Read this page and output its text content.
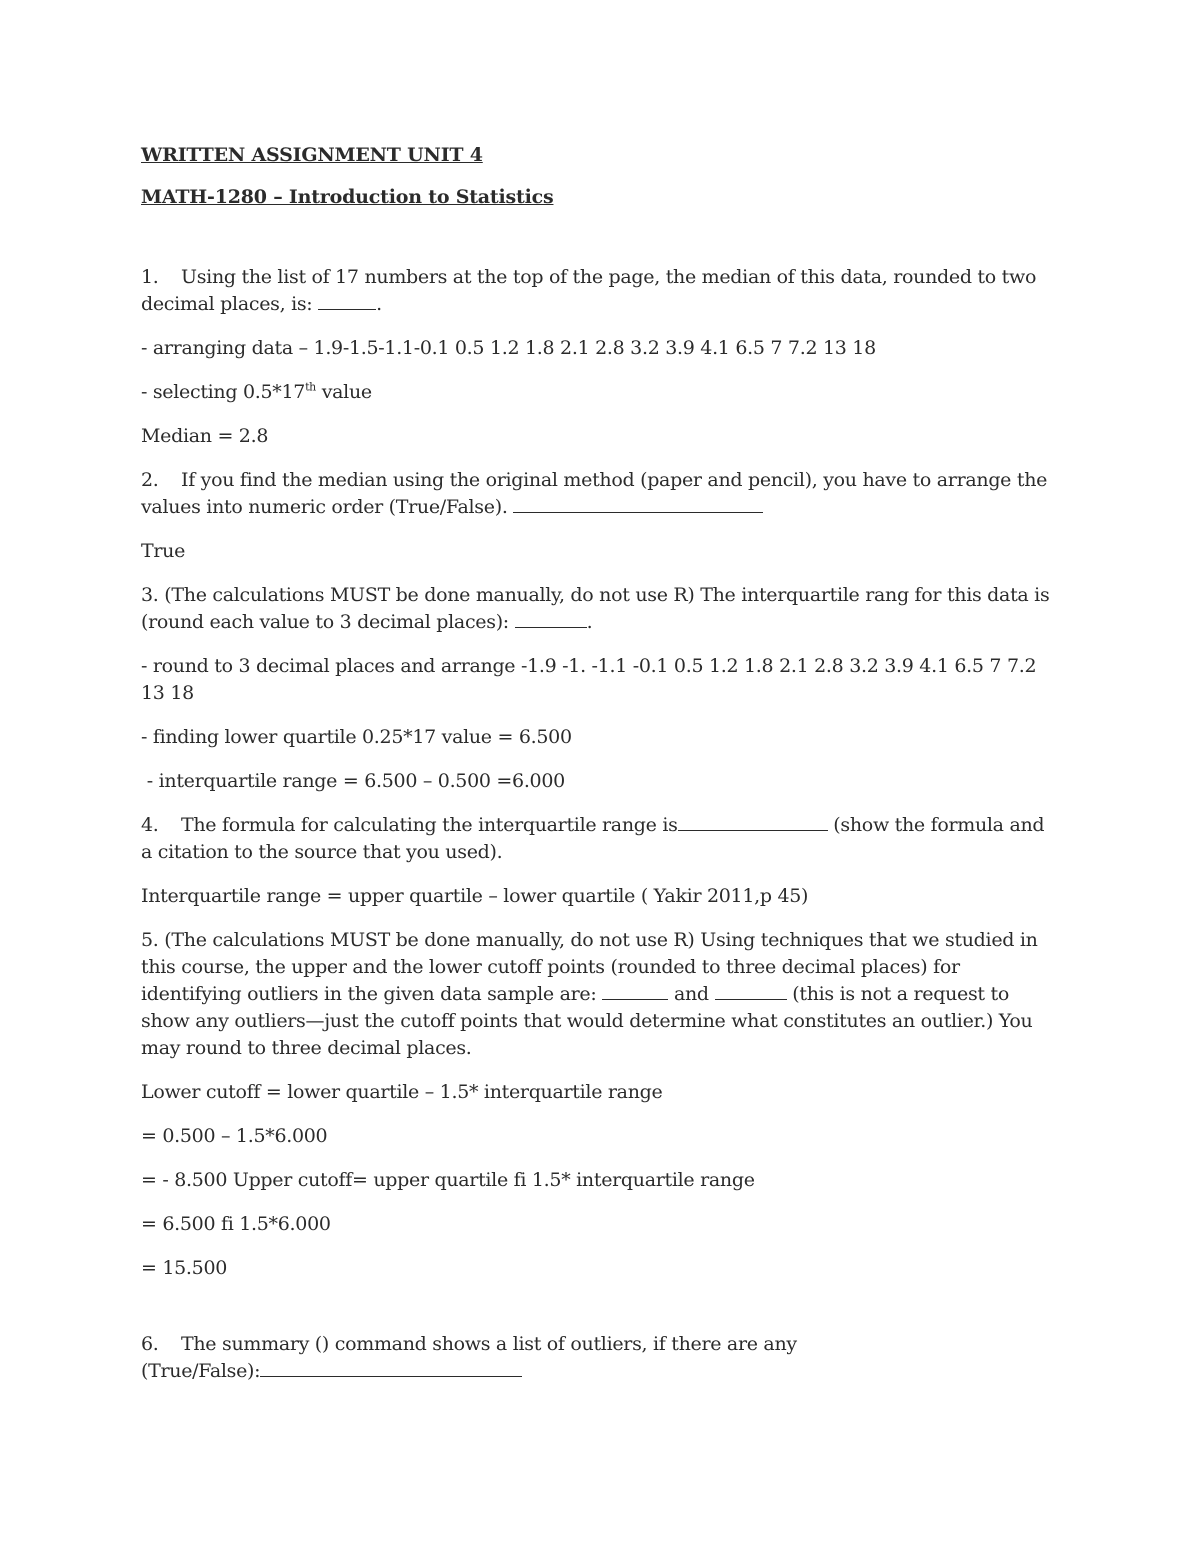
WRITTEN ASSIGNMENT UNIT 4
MATH-1280 – Introduction to Statistics

1. Using the list of 17 numbers at the top of the page, the median of this data, rounded to two decimal places, is:	.

- arranging data – 1.9-1.5-1.1-0.1 0.5 1.2 1.8 2.1 2.8 3.2 3.9 4.1 6.5 7 7.2 13 18

- selecting 0.5*17th value

Median = 2.8

2. If you find the median using the original method (paper and pencil), you have to arrange the values into numeric order (True/False).

True

3. (The calculations MUST be done manually, do not use R) The interquartile rang for this data is (round each value to 3 decimal places):	.

- round to 3 decimal places and arrange -1.9 -1. -1.1 -0.1 0.5 1.2 1.8 2.1 2.8 3.2 3.9 4.1 6.5 7 7.2 13 18

- finding lower quartile 0.25*17 value = 6.500

- interquartile range = 6.500 – 0.500 =6.000

4. The formula for calculating the interquartile range is	(show the formula and a citation to the source that you used).

Interquartile range = upper quartile – lower quartile ( Yakir 2011,p 45)

5. (The calculations MUST be done manually, do not use R) Using techniques that we studied in this course, the upper and the lower cutoff points (rounded to three decimal places) for identifying outliers in the given data sample are:	and	(this is not a request to show any outliers—just the cutoff points that would determine what constitutes an outlier.) You may round to three decimal places.

Lower cutoff = lower quartile – 1.5* interquartile range

= 0.500 – 1.5*6.000

= - 8.500 Upper cutoff= upper quartile fi 1.5* interquartile range

= 6.500 fi 1.5*6.000

= 15.500

6. The summary () command shows a list of outliers, if there are any

(True/False):
